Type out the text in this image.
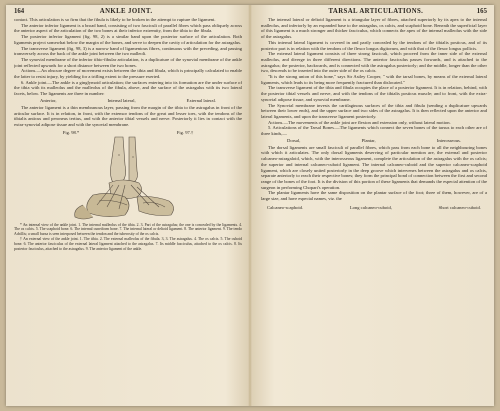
164	ANKLE JOINT.

contact. This articulation is so firm that the fibula is likely to be broken in the attempt to rupture the ligament.

The anterior inferior ligament is a broad band, consisting of two fasciculi of parallel fibres which pass obliquely across the anterior aspect of the articulation of the two bones at their inferior extremity, from the tibia to the fibula.

The posterior inferior ligament (fig. 98, 2) is a similar band upon the posterior surface of the articulation. Both ligaments project somewhat below the margin of the bones, and serve to deepen the cavity of articulation for the astragalus.

The transverse ligament (fig. 98, 3) is a narrow band of ligamentous fibres, continuous with the preceding, and passing transversely across the back of the ankle joint between the two malleoli.

The synovial membrane of the inferior tibio-fibular articulation, is a duplicature of the synovial membrane of the ankle joint reflected upwards for a short distance between the two bones.

Actions.—An obscure degree of movement exists between the tibia and fibula, which is principally calculated to enable the latter to resist injury, by yielding for a trifling extent to the pressure exerted.

6. Ankle joint.—The ankle is a ginglymoid articulation; the surfaces entering into its formation are the under surface of the tibia with its malleolus and the malleolus of the fibula, above, and the surface of the astragalus with its two lateral facets, below. The ligaments are three in number:

Anterior,	Internal lateral,	External lateral.

The anterior ligament is a thin membranous layer, passing from the margin of the tibia to the astragalus in front of the articular surface. It is in relation, in front, with the extensor tendons of the great and lesser toes, with the tendons of the tibialis anticus and peroneus tertius, and with the anterior tibial vessels and nerve. Posteriorly it lies in contact with the extra-synovial adipose tissue and with the synovial membrane.

Fig. 98.*	Fig. 97.†

* An internal view of the ankle joint. 1. The internal malleolus of the tibia. 2. 3. Part of the astragalus; the one is concealed by the ligaments. 4. The os calcis. 5. The scaphoid bone. 6. The internal cuneiform bone. 7. The internal lateral or deltoid ligament. 8. The anterior ligament. 9. The tendo Achillis; a small bursa is seen interposed between the tendon and the tuberosity of the os calcis.

† An external view of the ankle joint. 1. The tibia. 2. The external malleolus of the fibula. 3, 3. The astragalus. 4. The os calcis. 5. The cuboid bone. 6. The anterior fasciculus of the external lateral ligament attached to the astragalus. 7. Its middle fasciculus, attached to the os calcis. 8. Its posterior fasciculus, attached to the astragalus. 9. The anterior ligament of the ankle.

TARSAL ARTICULATIONS.	165

The internal lateral or deltoid ligament is a triangular layer of fibres, attached superiorly by its apex to the internal malleolus, and inferiorly by an expanded base to the astragalus, os calcis, and scaphoid bone. Beneath the superficial layer of this ligament is a much stronger and thicker fasciculus, which connects the apex of the internal malleolus with the side of the astragalus.

This internal lateral ligament is covered in and partly concealed by the tendons of the tibialis posticus, and of its posterior part is in relation with the tendons of the flexor longus digitorum, and with that of the flexor longus pollicis.

The external lateral ligament consists of three strong fasciculi, which proceed from the inner side of the external malleolus, and diverge in three different directions. The anterior fasciculus passes forwards, and is attached to the astragalus; the posterior, backwards, and is connected with the astragalus posteriorly; and the middle, longer than the other two, descends to be inserted into the outer side of the os calcis.

"It is the strong union of this bone," says Sir Astley Cooper, " with the tarsal bones, by means of the external lateral ligaments, which leads to its being more frequently fractured than dislocated."

The transverse ligament of the tibia and fibula occupies the place of a posterior ligament. It is in relation, behind, with the posterior tibial vessels and nerve, and with the tendons of the tibialis posticus muscle; and to front, with the extra-synovial adipose tissue, and synovial membrane.

The Synovial membrane invests the cartilaginous surfaces of the tibia and fibula (sending a duplicature upwards between their lower ends), and the upper surface and two sides of the astragalus. It is then reflected upon the anterior and lateral ligaments, and upon the transverse ligament posteriorly.

Actions.—The movements of the ankle joint are flexion and extension only, without lateral motion.

5. Articulations of the Tarsal Bones.—The ligaments which connect the seven bones of the tarsus to each other are of three kinds,—

Dorsal,	Plantar,	Interosseous.

The dorsal ligaments are small fasciculi of parallel fibres, which pass from each bone to all the neighbouring bones with which it articulates. The only dorsal ligaments deserving of particular mention are, the external and posterior calcaneo-astragaloid, which, with the interosseous ligament, complete the articulation of the astragalus with the os calcis; the superior and internal calcaneo-cuboid ligament. The internal calcaneo-cuboid and the superior calcaneo-scaphoid ligament, which are closely united posteriorly in the deep groove which intervenes between the astragalus and os calcis, separate anteriorly to reach their respective bones; they form the principal bond of connection between the first and second range of the bones of the foot. It is the division of this portion of these ligaments that demands the especial attention of the surgeon in performing Chopart's operation.

The plantar ligaments have the same disposition on the plantar surface of the foot; three of them, however, are of a large size, and have especial names, viz. the

Calcaneo-scaphoid.	Long calcaneo-cuboid,	Short calcaneo-cuboid.
